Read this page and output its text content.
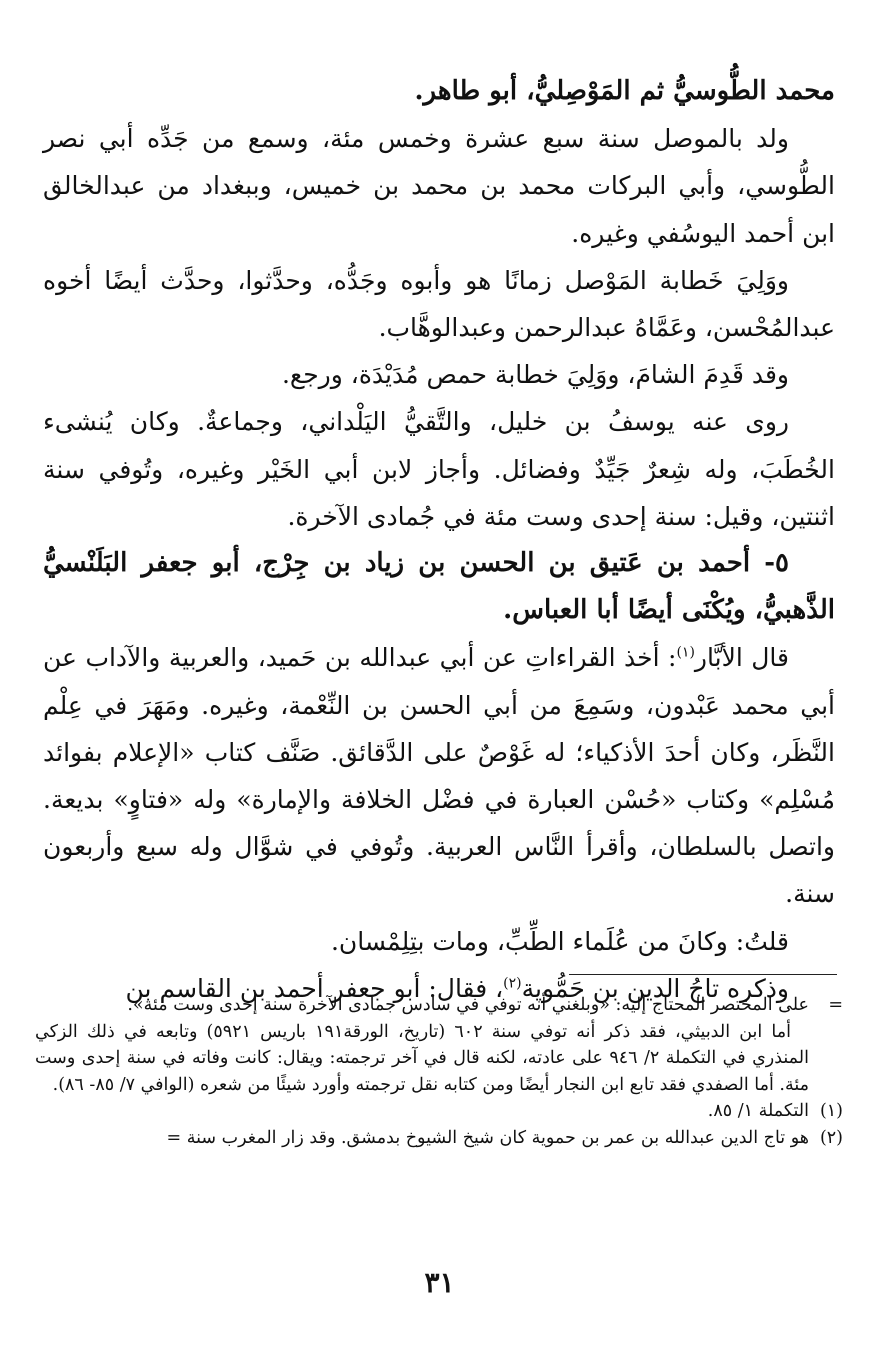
محمد الطُّوسيُّ ثم المَوْصِليُّ، أبو طاهر.

ولد بالموصل سنة سبع عشرة وخمس مئة، وسمع من جَدِّه أبي نصر الطُّوسي، وأبي البركات محمد بن محمد بن خميس، وببغداد من عبدالخالق ابن أحمد اليوسُفي وغيره.

ووَلِيَ خَطابة المَوْصل زمانًا هو وأبوه وجَدُّه، وحدَّثوا، وحدَّث أيضًا أخوه عبدالمُحْسن، وعَمَّاهُ عبدالرحمن وعبدالوهَّاب.

وقد قَدِمَ الشامَ، ووَلِيَ خطابة حمص مُدَيْدَة، ورجع.

روى عنه يوسفُ بن خليل، والتَّقيُّ اليَلْداني، وجماعةٌ. وكان يُنشىء الخُطَبَ، وله شِعرٌ جَيِّدٌ وفضائل. وأجاز لابن أبي الخَيْر وغيره، وتُوفي سنة اثنتين، وقيل: سنة إحدى وست مئة في جُمادى الآخرة.

٥- أحمد بن عَتيق بن الحسن بن زياد بن جِرْج، أبو جعفر البَلَنْسيُّ الذَّهبيُّ، ويُكْنَى أيضًا أبا العباس.

قال الأبَّار$^{(١)}$: أخذ القراءاتِ عن أبي عبدالله بن حَميد، والعربية والآداب عن أبي محمد عَبْدون، وسَمِعَ من أبي الحسن بن النِّعْمة، وغيره. ومَهَرَ في عِلْم النَّظَر، وكان أحدَ الأذكياء؛ له غَوْصٌ على الدَّقائق. صَنَّف كتاب «الإعلام بفوائد مُسْلِم» وكتاب «حُسْن العبارة في فضْل الخلافة والإمارة» وله «فتاوٍ» بديعة. واتصل بالسلطان، وأقرأ النَّاس العربية. وتُوفي في شوَّال وله سبع وأربعون سنة.

قلتُ: وكانَ من عُلَماء الطِّبِّ، ومات بتِلِمْسان.

وذكره تاجُ الدين بن حَمُّوية$^{(٢)}$، فقال: أبو جعفر أحمد بن القاسم بن

=
على المختصر المحتاج إليه: «وبلغني أنه توفي في سادس جمادى الآخرة سنة إحدى وست مئة».

أما ابن الدبيثي، فقد ذكر أنه توفي سنة ٦٠٢ (تاريخ، الورقة١٩١ باريس ٥٩٢١) وتابعه في ذلك الزكي المنذري في التكملة ٢/ ٩٤٦ على عادته، لكنه قال في آخر ترجمته: ويقال: كانت وفاته في سنة إحدى وست مئة. أما الصفدي فقد تابع ابن النجار أيضًا ومن كتابه نقل ترجمته وأورد شيئًا من شعره (الوافي ٧/ ٨٥- ٨٦).

(١)
التكملة ١/ ٨٥.
(٢)
هو تاج الدين عبدالله بن عمر بن حموية كان شيخ الشيوخ بدمشق. وقد زار المغرب سنة =
٣١
